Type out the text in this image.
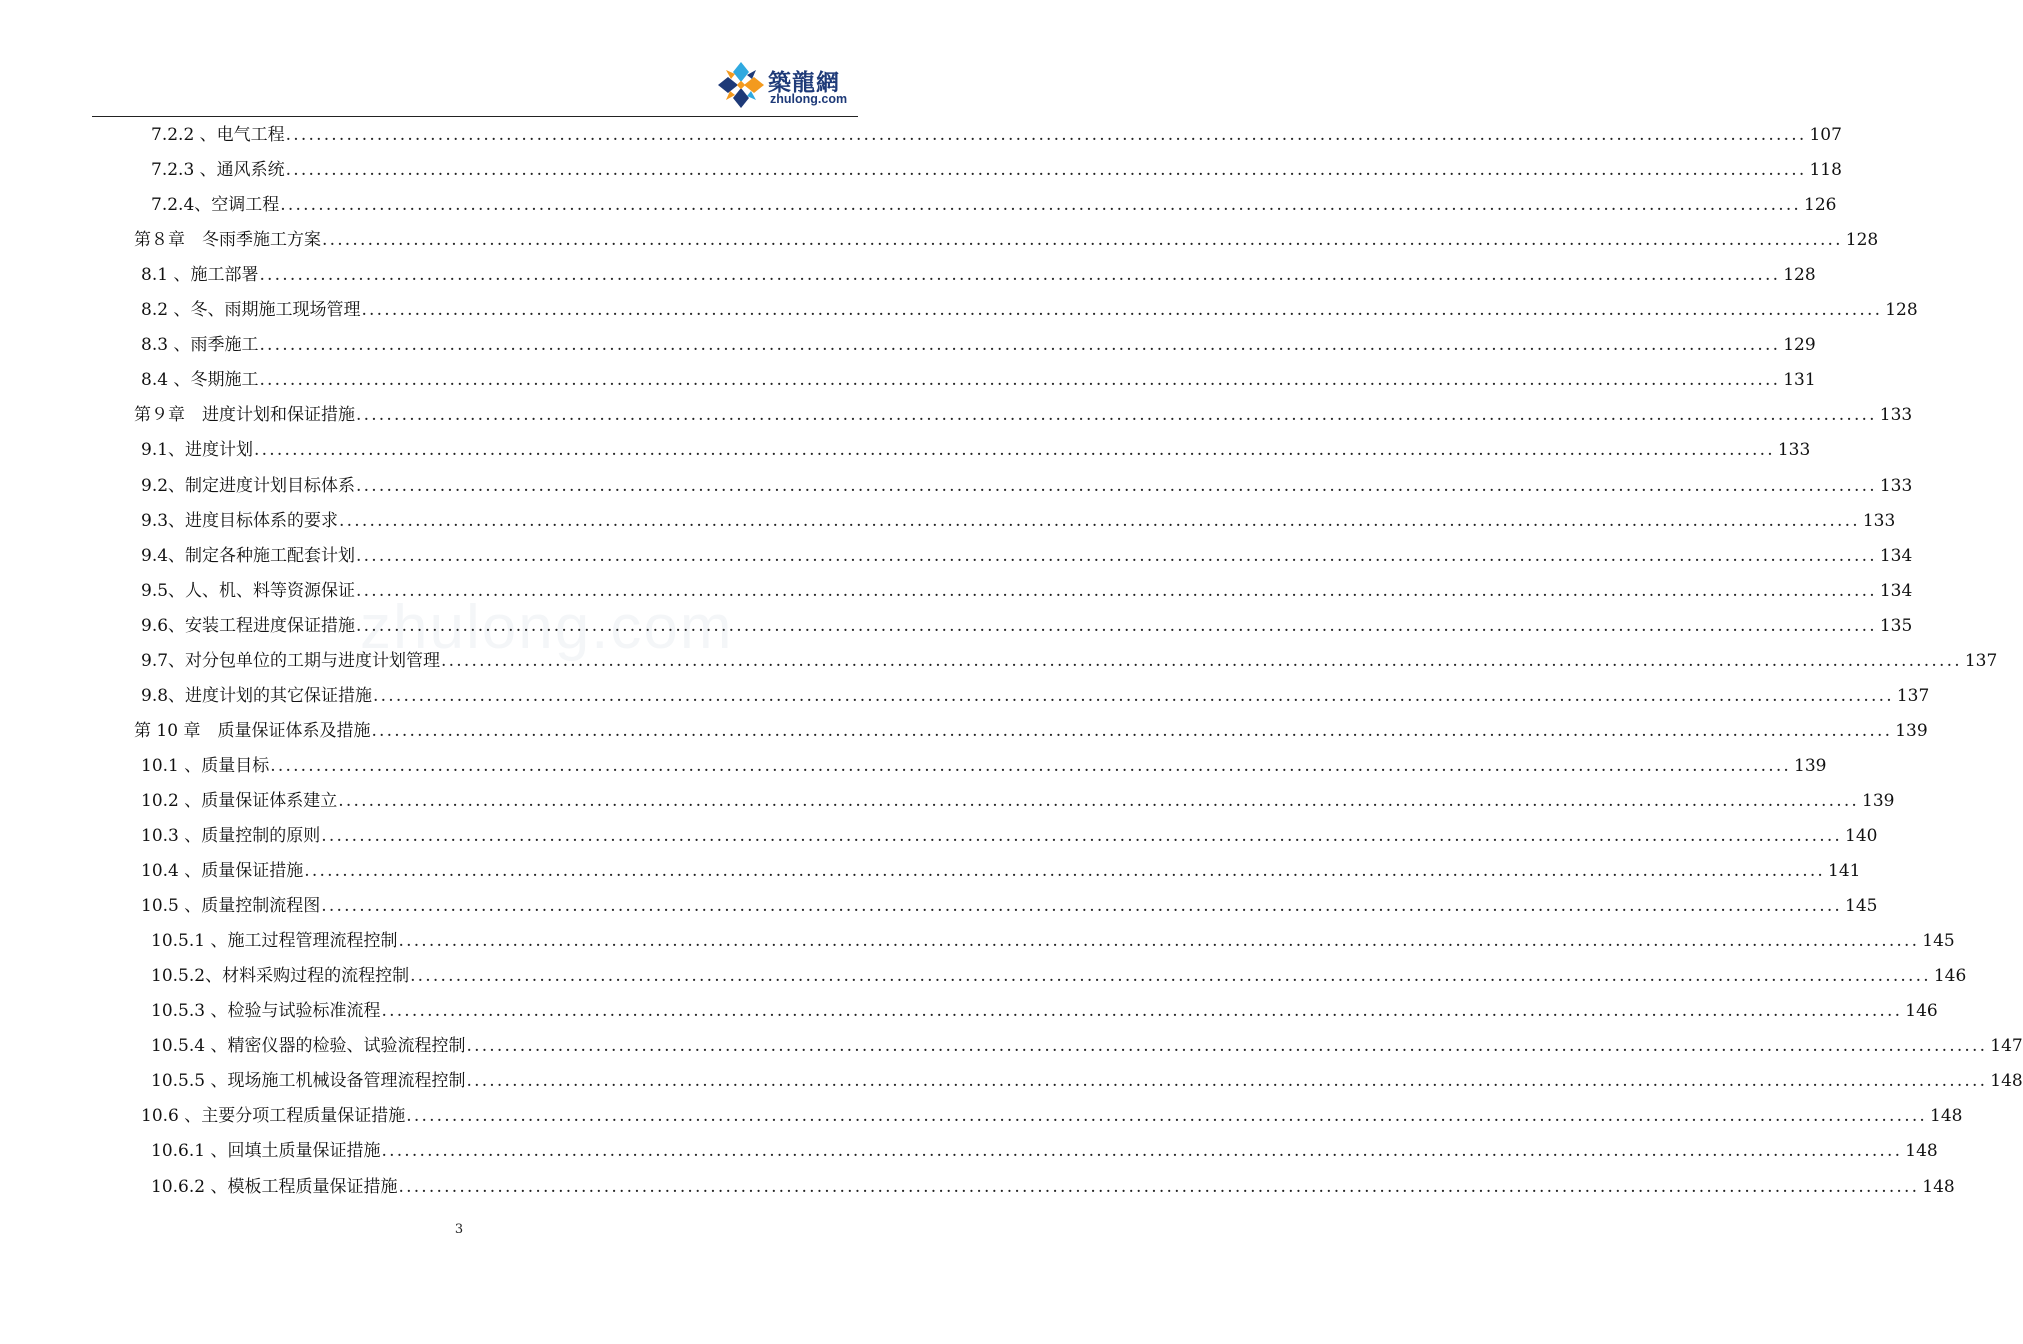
築龍網
zhulong.com
zhulong.com
7.2.2 、电气工程 ........................................................................................................................................................................................................ 107
7.2.3 、通风系统 ........................................................................................................................................................................................................ 118
7.2.4、空调工程 ........................................................................................................................................................................................................ 126
第８章　冬雨季施工方案 ........................................................................................................................................................................................................ 128
8.1 、施工部署 ........................................................................................................................................................................................................ 128
8.2 、冬、雨期施工现场管理 ........................................................................................................................................................................................................ 128
8.3 、雨季施工 ........................................................................................................................................................................................................ 129
8.4 、冬期施工 ........................................................................................................................................................................................................ 131
第９章　进度计划和保证措施 ........................................................................................................................................................................................................ 133
9.1、进度计划 ........................................................................................................................................................................................................ 133
9.2、制定进度计划目标体系 ........................................................................................................................................................................................................ 133
9.3、进度目标体系的要求 ........................................................................................................................................................................................................ 133
9.4、制定各种施工配套计划 ........................................................................................................................................................................................................ 134
9.5、人、机、料等资源保证 ........................................................................................................................................................................................................ 134
9.6、安装工程进度保证措施 ........................................................................................................................................................................................................ 135
9.7、对分包单位的工期与进度计划管理 ........................................................................................................................................................................................................ 137
9.8、进度计划的其它保证措施 ........................................................................................................................................................................................................ 137
第 10 章　质量保证体系及措施 ........................................................................................................................................................................................................ 139
10.1 、质量目标 ........................................................................................................................................................................................................ 139
10.2 、质量保证体系建立 ........................................................................................................................................................................................................ 139
10.3 、质量控制的原则 ........................................................................................................................................................................................................ 140
10.4 、质量保证措施 ........................................................................................................................................................................................................ 141
10.5 、质量控制流程图 ........................................................................................................................................................................................................ 145
10.5.1 、施工过程管理流程控制 ........................................................................................................................................................................................................ 145
10.5.2、材料采购过程的流程控制 ........................................................................................................................................................................................................ 146
10.5.3 、检验与试验标准流程 ........................................................................................................................................................................................................ 146
10.5.4 、精密仪器的检验、试验流程控制 ........................................................................................................................................................................................................ 147
10.5.5 、现场施工机械设备管理流程控制 ........................................................................................................................................................................................................ 148
10.6 、主要分项工程质量保证措施 ........................................................................................................................................................................................................ 148
10.6.1 、回填土质量保证措施 ........................................................................................................................................................................................................ 148
10.6.2 、模板工程质量保证措施 ........................................................................................................................................................................................................ 148
3
